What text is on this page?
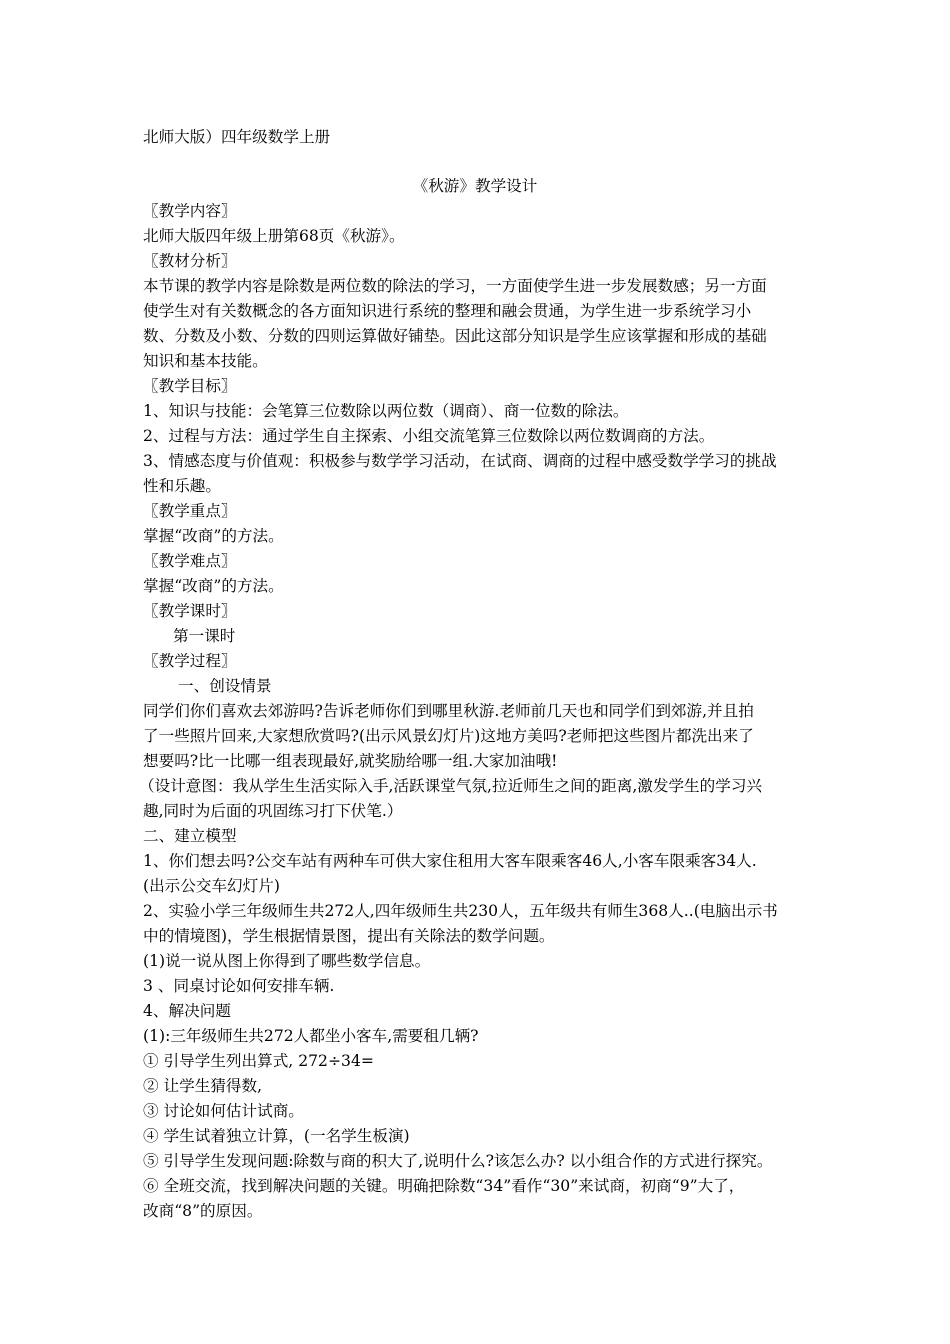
北师大版）四年级数学上册
《秋游》教学设计
〖教学内容〗
北师大版四年级上册第68页《秋游》。
〖教材分析〗
本节课的教学内容是除数是两位数的除法的学习，一方面使学生进一步发展数感；另一方面
使学生对有关数概念的各方面知识进行系统的整理和融会贯通，为学生进一步系统学习小
数、分数及小数、分数的四则运算做好铺垫。因此这部分知识是学生应该掌握和形成的基础
知识和基本技能。
〖教学目标〗
1、知识与技能：会笔算三位数除以两位数（调商）、商一位数的除法。
2、过程与方法：通过学生自主探索、小组交流笔算三位数除以两位数调商的方法。
3、情感态度与价值观：积极参与数学学习活动，在试商、调商的过程中感受数学学习的挑战
性和乐趣。
〖教学重点〗
掌握“改商”的方法。
〖教学难点〗
掌握“改商”的方法。
〖教学课时〗
第一课时
〖教学过程〗
一、创设情景
同学们你们喜欢去郊游吗?告诉老师你们到哪里秋游.老师前几天也和同学们到郊游,并且拍
了一些照片回来,大家想欣赏吗?(出示风景幻灯片)这地方美吗?老师把这些图片都洗出来了
想要吗?比一比哪一组表现最好,就奖励给哪一组.大家加油哦!
（设计意图：我从学生生活实际入手,活跃课堂气氛,拉近师生之间的距离,激发学生的学习兴
趣,同时为后面的巩固练习打下伏笔.）
二、建立模型
1、你们想去吗?公交车站有两种车可供大家住租用大客车限乘客46人,小客车限乘客34人.
(出示公交车幻灯片)
2、实验小学三年级师生共272人,四年级师生共230人，五年级共有师生368人..(电脑出示书
中的情境图)，学生根据情景图，提出有关除法的数学问题。
(1)说一说从图上你得到了哪些数学信息。
3 、同桌讨论如何安排车辆.
4、解决问题
(1):三年级师生共272人都坐小客车,需要租几辆?
① 引导学生列出算式, 272÷34=
② 让学生猜得数,
③ 讨论如何估计试商。
④ 学生试着独立计算，(一名学生板演)
⑤ 引导学生发现问题:除数与商的积大了,说明什么?该怎么办? 以小组合作的方式进行探究。
⑥ 全班交流，找到解决问题的关键。明确把除数“34”看作“30”来试商，初商“9”大了，
改商“8”的原因。
